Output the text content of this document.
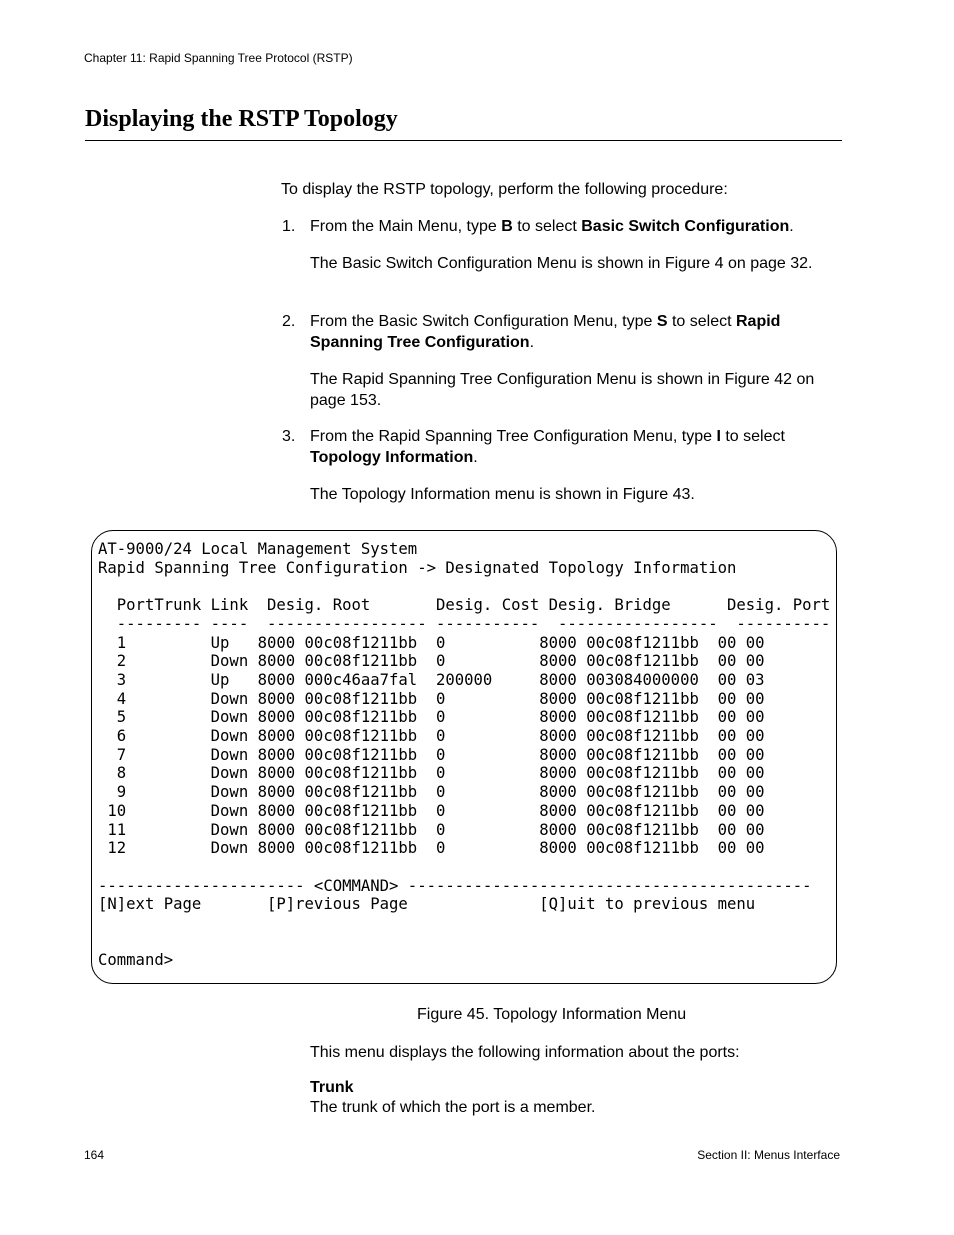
Chapter 11: Rapid Spanning Tree Protocol (RSTP)
Displaying the RSTP Topology
To display the RSTP topology, perform the following procedure:
1. From the Main Menu, type B to select Basic Switch Configuration.
The Basic Switch Configuration Menu is shown in Figure 4 on page 32.
2. From the Basic Switch Configuration Menu, type S to select Rapid Spanning Tree Configuration.
The Rapid Spanning Tree Configuration Menu is shown in Figure 42 on page 153.
3. From the Rapid Spanning Tree Configuration Menu, type I to select Topology Information.
The Topology Information menu is shown in Figure 43.
AT-9000/24 Local Management System
Rapid Spanning Tree Configuration -> Designated Topology Information

PortTrunk Link  Desig. Root       Desig. Cost Desig. Bridge      Desig. Port
--------- ----  ----------------- -----------  -----------------  ----------
1         Up   8000 00c08f1211bb  0          8000 00c08f1211bb  00 00
2         Down 8000 00c08f1211bb  0          8000 00c08f1211bb  00 00
3         Up   8000 000c46aa7fal  200000     8000 003084000000  00 03
4         Down 8000 00c08f1211bb  0          8000 00c08f1211bb  00 00
5         Down 8000 00c08f1211bb  0          8000 00c08f1211bb  00 00
6         Down 8000 00c08f1211bb  0          8000 00c08f1211bb  00 00
7         Down 8000 00c08f1211bb  0          8000 00c08f1211bb  00 00
8         Down 8000 00c08f1211bb  0          8000 00c08f1211bb  00 00
9         Down 8000 00c08f1211bb  0          8000 00c08f1211bb  00 00
10         Down 8000 00c08f1211bb  0          8000 00c08f1211bb  00 00
11         Down 8000 00c08f1211bb  0          8000 00c08f1211bb  00 00
12         Down 8000 00c08f1211bb  0          8000 00c08f1211bb  00 00

---------------------- <COMMAND> -------------------------------------------
[N]ext Page       [P]revious Page              [Q]uit to previous menu

Command>

Figure 45. Topology Information Menu
This menu displays the following information about the ports:
Trunk
The trunk of which the port is a member.
164	Section II: Menus Interface
